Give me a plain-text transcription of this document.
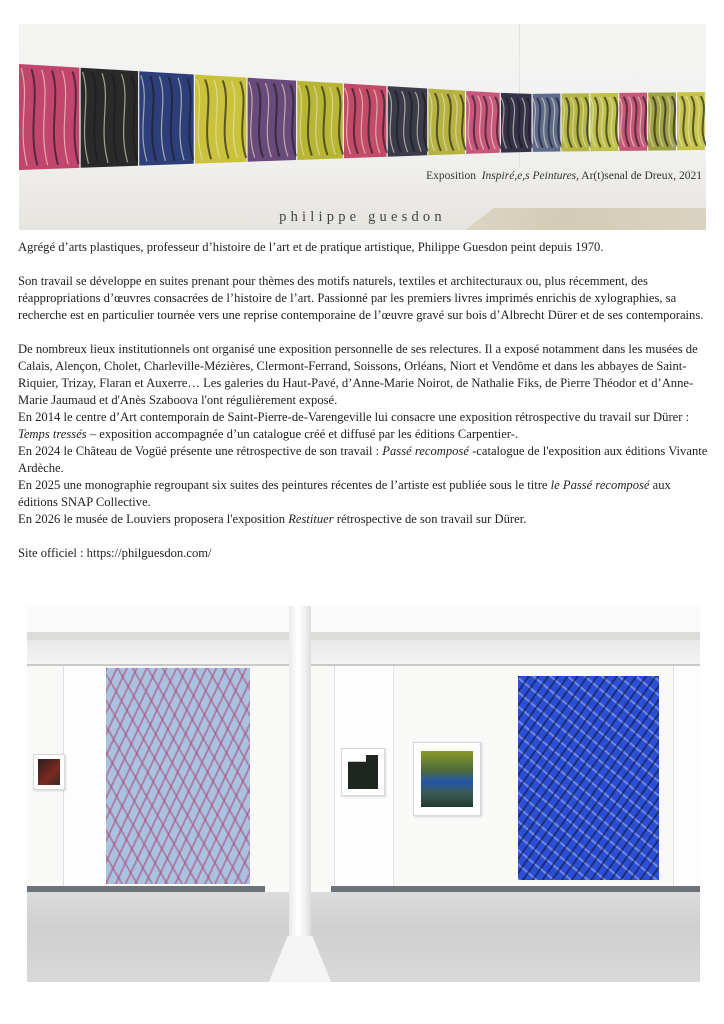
Exposition Inspiré,e,s Peintures, Ar(t)senal de Dreux, 2021
philippe guesdon

Agrégé d’arts plastiques, professeur d’histoire de l’art et de pratique artistique, Philippe Guesdon peint depuis 1970.

Son travail se développe en suites prenant pour thèmes des motifs naturels, textiles et architecturaux ou, plus récemment, des réappropriations d’œuvres consacrées de l’histoire de l’art. Passionné par les premiers livres imprimés enrichis de xylographies, sa recherche est en particulier tournée vers une reprise contemporaine de l’œuvre gravé sur bois d’Albrecht Dürer et de ses contemporains.

De nombreux lieux institutionnels ont organisé une exposition personnelle de ses relectures. Il a exposé notamment dans les musées de Calais, Alençon, Cholet, Charleville-Mézières, Clermont-Ferrand, Soissons, Orléans, Niort et Vendôme et dans les abbayes de Saint-Riquier, Trizay, Flaran et Auxerre… Les galeries du Haut-Pavé, d’Anne-Marie Noirot, de Nathalie Fiks, de Pierre Théodor et d’Anne-Marie Jaumaud et d'Anès Szaboova l'ont régulièrement exposé.

En 2014 le centre d’Art contemporain de Saint-Pierre-de-Varengeville lui consacre une exposition rétrospective du travail sur Dürer : Temps tressés – exposition accompagnée d’un catalogue créé et diffusé par les éditions Carpentier-.

En 2024 le Château de Vogüé présente une rétrospective de son travail : Passé recomposé -catalogue de l'exposition aux éditions Vivante Ardèche.

En 2025 une monographie regroupant six suites des peintures récentes de l’artiste est publiée sous le titre le Passé recomposé aux éditions SNAP Collective.

En 2026 le musée de Louviers proposera l'exposition Restituer rétrospective de son travail sur Dürer.

Site officiel : https://philguesdon.com/
